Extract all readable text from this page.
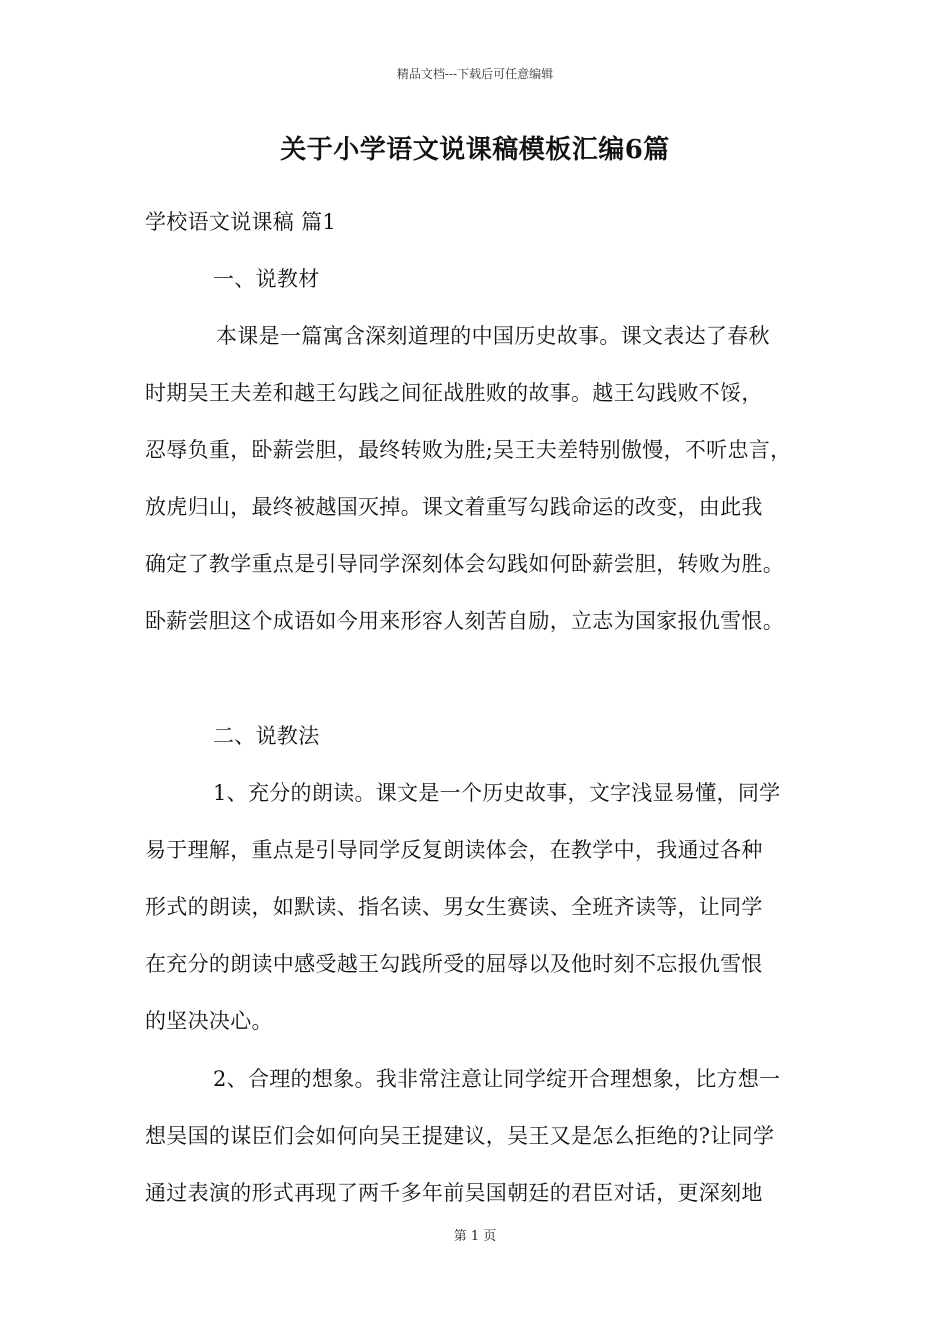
精品文档---下载后可任意编辑
关于小学语文说课稿模板汇编6篇
学校语文说课稿 篇1
一、说教材
本课是一篇寓含深刻道理的中国历史故事。课文表达了春秋
时期吴王夫差和越王勾践之间征战胜败的故事。越王勾践败不馁，
忍辱负重，卧薪尝胆，最终转败为胜;吴王夫差特别傲慢，不听忠言，
放虎归山，最终被越国灭掉。课文着重写勾践命运的改变，由此我
确定了教学重点是引导同学深刻体会勾践如何卧薪尝胆，转败为胜。
卧薪尝胆这个成语如今用来形容人刻苦自励，立志为国家报仇雪恨。
二、说教法
1、充分的朗读。课文是一个历史故事，文字浅显易懂，同学
易于理解，重点是引导同学反复朗读体会，在教学中，我通过各种
形式的朗读，如默读、指名读、男女生赛读、全班齐读等，让同学
在充分的朗读中感受越王勾践所受的屈辱以及他时刻不忘报仇雪恨
的坚决决心。
2、合理的想象。我非常注意让同学绽开合理想象，比方想一
想吴国的谋臣们会如何向吴王提建议，吴王又是怎么拒绝的?让同学
通过表演的形式再现了两千多年前吴国朝廷的君臣对话，更深刻地
第 1 页
